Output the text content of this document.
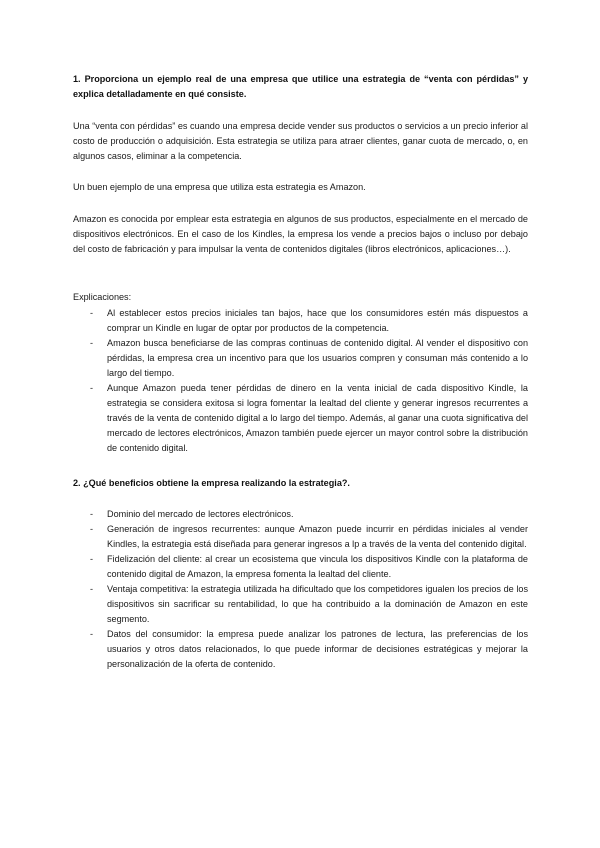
1. Proporciona un ejemplo real de una empresa que utilice una estrategia de “venta con pérdidas” y explica detalladamente en qué consiste.

Una “venta con pérdidas” es cuando una empresa decide vender sus productos o servicios a un precio inferior al costo de producción o adquisición. Esta estrategia se utiliza para atraer clientes, ganar cuota de mercado, o, en algunos casos, eliminar a la competencia.

Un buen ejemplo de una empresa que utiliza esta estrategia es Amazon.

Amazon es conocida por emplear esta estrategia en algunos de sus productos, especialmente en el mercado de dispositivos electrónicos. En el caso de los Kindles, la empresa los vende a precios bajos o incluso por debajo del costo de fabricación y para impulsar la venta de contenidos digitales (libros electrónicos, aplicaciones…).

Explicaciones:

- Al establecer estos precios iniciales tan bajos, hace que los consumidores estén más dispuestos a comprar un Kindle en lugar de optar por productos de la competencia.
- Amazon busca beneficiarse de las compras continuas de contenido digital. Al vender el dispositivo con pérdidas, la empresa crea un incentivo para que los usuarios compren y consuman más contenido a lo largo del tiempo.
- Aunque Amazon pueda tener pérdidas de dinero en la venta inicial de cada dispositivo Kindle, la estrategia se considera exitosa si logra fomentar la lealtad del cliente y generar ingresos recurrentes a través de la venta de contenido digital a lo largo del tiempo. Además, al ganar una cuota significativa del mercado de lectores electrónicos, Amazon también puede ejercer un mayor control sobre la distribución de contenido digital.

2. ¿Qué beneficios obtiene la empresa realizando la estrategia?.

- Dominio del mercado de lectores electrónicos.
- Generación de ingresos recurrentes: aunque Amazon puede incurrir en pérdidas iniciales al vender Kindles, la estrategia está diseñada para generar ingresos a lp a través de la venta del contenido digital.
- Fidelización del cliente: al crear un ecosistema que vincula los dispositivos Kindle con la plataforma de contenido digital de Amazon, la empresa fomenta la lealtad del cliente.
- Ventaja competitiva: la estrategia utilizada ha dificultado que los competidores igualen los precios de los dispositivos sin sacrificar su rentabilidad, lo que ha contribuido a la dominación de Amazon en este segmento.
- Datos del consumidor: la empresa puede analizar los patrones de lectura, las preferencias de los usuarios y otros datos relacionados, lo que puede informar de decisiones estratégicas y mejorar la personalización de la oferta de contenido.
